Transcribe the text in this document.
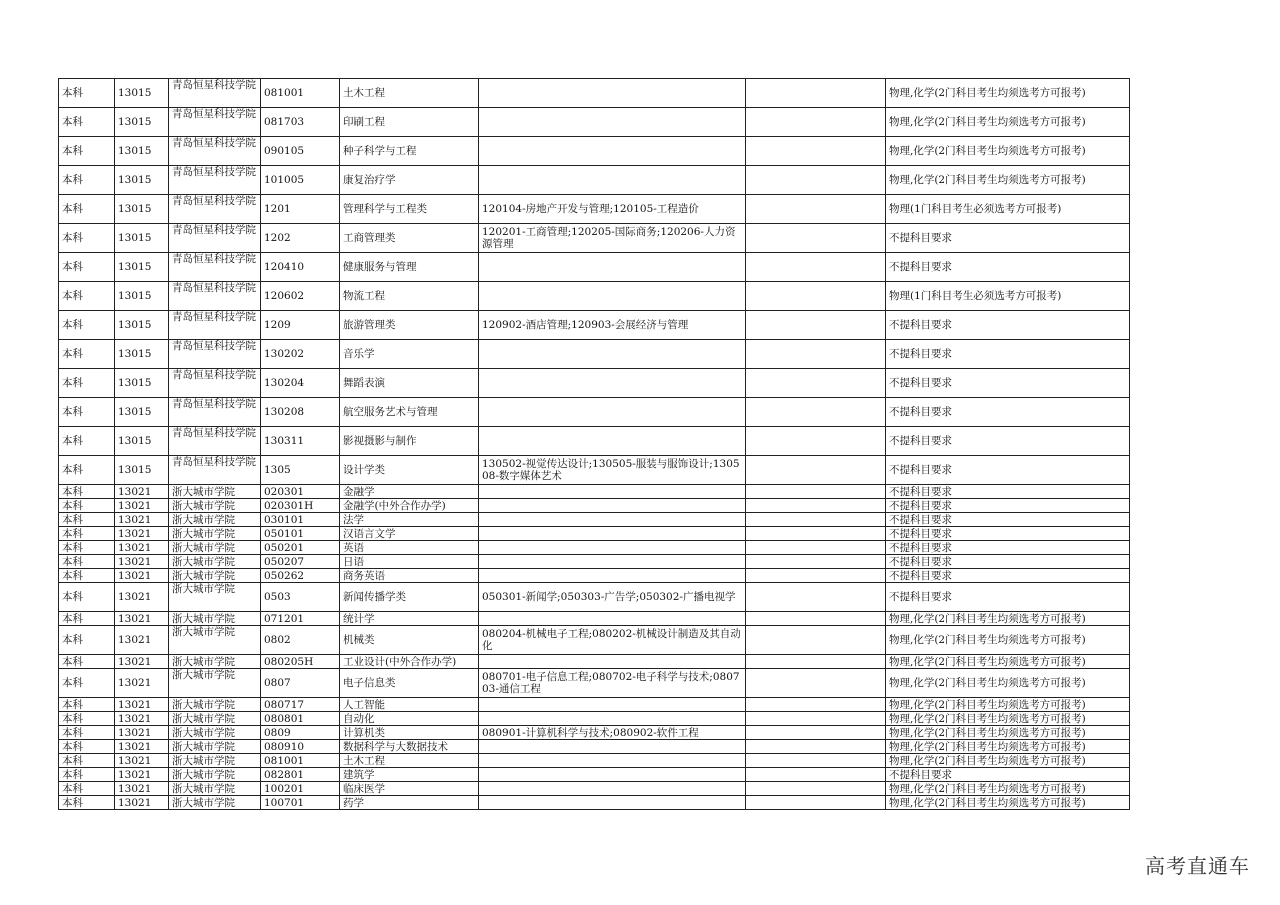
本科	13015	青岛恒星科技学院	081001	土木工程			物理,化学(2门科目考生均须选考方可报考)
本科	13015	青岛恒星科技学院	081703	印刷工程			物理,化学(2门科目考生均须选考方可报考)
本科	13015	青岛恒星科技学院	090105	种子科学与工程			物理,化学(2门科目考生均须选考方可报考)
本科	13015	青岛恒星科技学院	101005	康复治疗学			物理,化学(2门科目考生均须选考方可报考)
本科	13015	青岛恒星科技学院	1201	管理科学与工程类	120104-房地产开发与管理;120105-工程造价		物理(1门科目考生必须选考方可报考)
本科	13015	青岛恒星科技学院	1202	工商管理类	120201-工商管理;120205-国际商务;120206-人力资源管理		不提科目要求
本科	13015	青岛恒星科技学院	120410	健康服务与管理			不提科目要求
本科	13015	青岛恒星科技学院	120602	物流工程			物理(1门科目考生必须选考方可报考)
本科	13015	青岛恒星科技学院	1209	旅游管理类	120902-酒店管理;120903-会展经济与管理		不提科目要求
本科	13015	青岛恒星科技学院	130202	音乐学			不提科目要求
本科	13015	青岛恒星科技学院	130204	舞蹈表演			不提科目要求
本科	13015	青岛恒星科技学院	130208	航空服务艺术与管理			不提科目要求
本科	13015	青岛恒星科技学院	130311	影视摄影与制作			不提科目要求
本科	13015	青岛恒星科技学院	1305	设计学类	130502-视觉传达设计;130505-服装与服饰设计;130508-数字媒体艺术		不提科目要求
本科	13021	浙大城市学院	020301	金融学			不提科目要求
本科	13021	浙大城市学院	020301H	金融学(中外合作办学)			不提科目要求
本科	13021	浙大城市学院	030101	法学			不提科目要求
本科	13021	浙大城市学院	050101	汉语言文学			不提科目要求
本科	13021	浙大城市学院	050201	英语			不提科目要求
本科	13021	浙大城市学院	050207	日语			不提科目要求
本科	13021	浙大城市学院	050262	商务英语			不提科目要求
本科	13021	浙大城市学院	0503	新闻传播学类	050301-新闻学;050303-广告学;050302-广播电视学		不提科目要求
本科	13021	浙大城市学院	071201	统计学			物理,化学(2门科目考生均须选考方可报考)
本科	13021	浙大城市学院	0802	机械类	080204-机械电子工程;080202-机械设计制造及其自动化		物理,化学(2门科目考生均须选考方可报考)
本科	13021	浙大城市学院	080205H	工业设计(中外合作办学)			物理,化学(2门科目考生均须选考方可报考)
本科	13021	浙大城市学院	0807	电子信息类	080701-电子信息工程;080702-电子科学与技术;080703-通信工程		物理,化学(2门科目考生均须选考方可报考)
本科	13021	浙大城市学院	080717	人工智能			物理,化学(2门科目考生均须选考方可报考)
本科	13021	浙大城市学院	080801	自动化			物理,化学(2门科目考生均须选考方可报考)
本科	13021	浙大城市学院	0809	计算机类	080901-计算机科学与技术;080902-软件工程		物理,化学(2门科目考生均须选考方可报考)
本科	13021	浙大城市学院	080910	数据科学与大数据技术			物理,化学(2门科目考生均须选考方可报考)
本科	13021	浙大城市学院	081001	土木工程			物理,化学(2门科目考生均须选考方可报考)
本科	13021	浙大城市学院	082801	建筑学			不提科目要求
本科	13021	浙大城市学院	100201	临床医学			物理,化学(2门科目考生均须选考方可报考)
本科	13021	浙大城市学院	100701	药学			物理,化学(2门科目考生均须选考方可报考)
高考直通车
